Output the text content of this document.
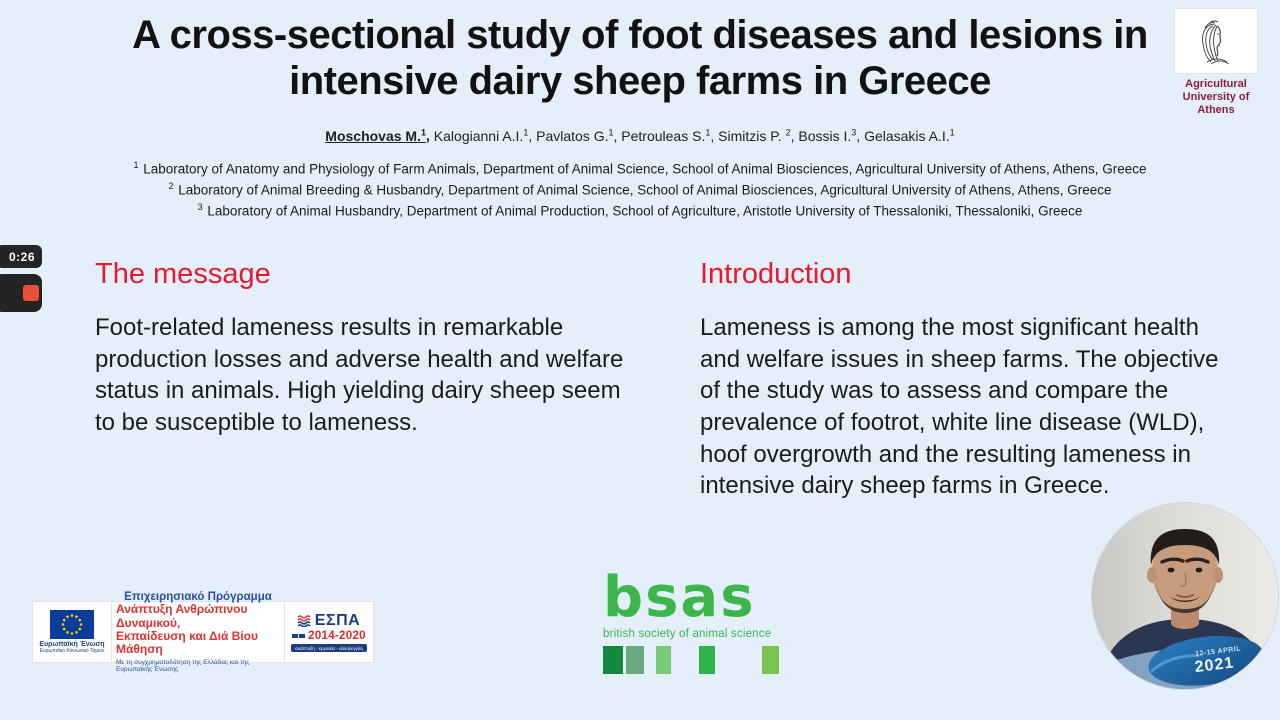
A cross-sectional study of foot diseases and lesions in intensive dairy sheep farms in Greece
Moschovas M.$^1$, Kalogianni A.I.$^1$, Pavlatos G.$^1$, Petrouleas S.$^1$, Simitzis P. $^2$, Bossis I.$^3$, Gelasakis A.I.$^1$
$^1$ Laboratory of Anatomy and Physiology of Farm Animals, Department of Animal Science, School of Animal Biosciences, Agricultural University of Athens, Athens, Greece
$^2$ Laboratory of Animal Breeding & Husbandry, Department of Animal Science, School of Animal Biosciences, Agricultural University of Athens, Athens, Greece
$^3$ Laboratory of Animal Husbandry, Department of Animal Production, School of Agriculture, Aristotle University of Thessaloniki, Thessaloniki, Greece
Agricultural
University of
Athens
0:26
The message

Foot-related lameness results in remarkable production losses and adverse health and welfare status in animals. High yielding dairy sheep seem to be susceptible to lameness.

Introduction

Lameness is among the most significant health and welfare issues in sheep farms. The objective of the study was to assess and compare the prevalence of footrot, white line disease (WLD), hoof overgrowth and the resulting lameness in intensive dairy sheep farms in Greece.

Ευρωπαϊκή Ένωση
Ευρωπαϊκό Κοινωνικό Ταμείο
Επιχειρησιακό Πρόγραμμα
Ανάπτυξη Ανθρώπινου Δυναμικού,
Εκπαίδευση και Διά Βίου Μάθηση
Με τη συγχρηματοδότηση της Ελλάδας και της Ευρωπαϊκής Ένωσης
ΕΣΠΑ
2014-2020
ανάπτυξη - εργασία - αλληλεγγύη
bsas
british society of animal science
12-15 APRIL
2021
